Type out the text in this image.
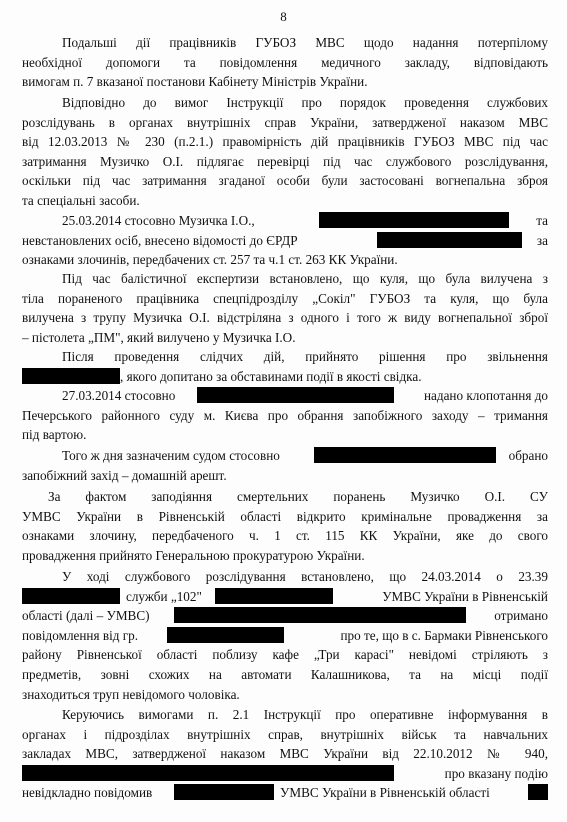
8
Подальші дії працівників ГУБОЗ МВС щодо надання потерпілому
необхідної допомоги та повідомлення медичного закладу, відповідають
вимогам п. 7 вказаної постанови Кабінету Міністрів України.
Відповідно до вимог Інструкції про порядок проведення службових
розслідувань в органах внутрішніх справ України, затвердженої наказом МВС
від 12.03.2013 № 230 (п.2.1.) правомірність дій працівників ГУБОЗ МВС під час
затримання Музичко О.І. підлягає перевірці під час службового розслідування,
оскільки під час затримання згаданої особи були застосовані вогнепальна зброя
та спеціальні засоби.
25.03.2014 стосовно Музичка І.О.,	та
невстановлених осіб, внесено відомості до ЄРДР	за
ознаками злочинів, передбачених ст. 257 та ч.1 ст. 263 КК України.
Під час балістичної експертизи встановлено, що куля, що була вилучена з
тіла пораненого працівника спецпідрозділу „Сокіл" ГУБОЗ та куля, що була
вилучена з трупу Музичка О.І. відстріляна з одного і того ж виду вогнепальної зброї
– пістолета „ПМ", який вилучено у Музичка І.О.
Після проведення слідчих дій, прийнято рішення про звільнення
, якого допитано за обставинами події в якості свідка.
27.03.2014 стосовно	надано клопотання до
Печерського районного суду м. Києва про обрання запобіжного заходу – тримання
під вартою.
Того ж дня зазначеним судом стосовно	обрано
запобіжний захід – домашній арешт.
За фактом заподіяння смертельних поранень Музичко О.І. СУ
УМВС України в Рівненській області відкрито кримінальне провадження за
ознаками злочину, передбаченого ч. 1 ст. 115 КК України, яке до свого
провадження прийнято Генеральною прокуратурою України.
У ході службового розслідування встановлено, що 24.03.2014 о 23.39
служби „102"	УМВС України в Рівненській
області (далі – УМВС)	отримано
повідомлення від гр.	про те, що в с. Бармаки Рівненського
району Рівненської області поблизу кафе „Три карасі" невідомі стріляють з
предметів, зовні схожих на автомати Калашникова, та на місці події
знаходиться труп невідомого чоловіка.
Керуючись вимогами п. 2.1 Інструкції про оперативне інформування в
органах і підрозділах внутрішніх справ, внутрішніх військ та навчальних
закладах МВС, затвердженої наказом МВС України від 22.10.2012 № 940,
про вказану подію
невідкладно повідомив	УМВС України в Рівненській області
